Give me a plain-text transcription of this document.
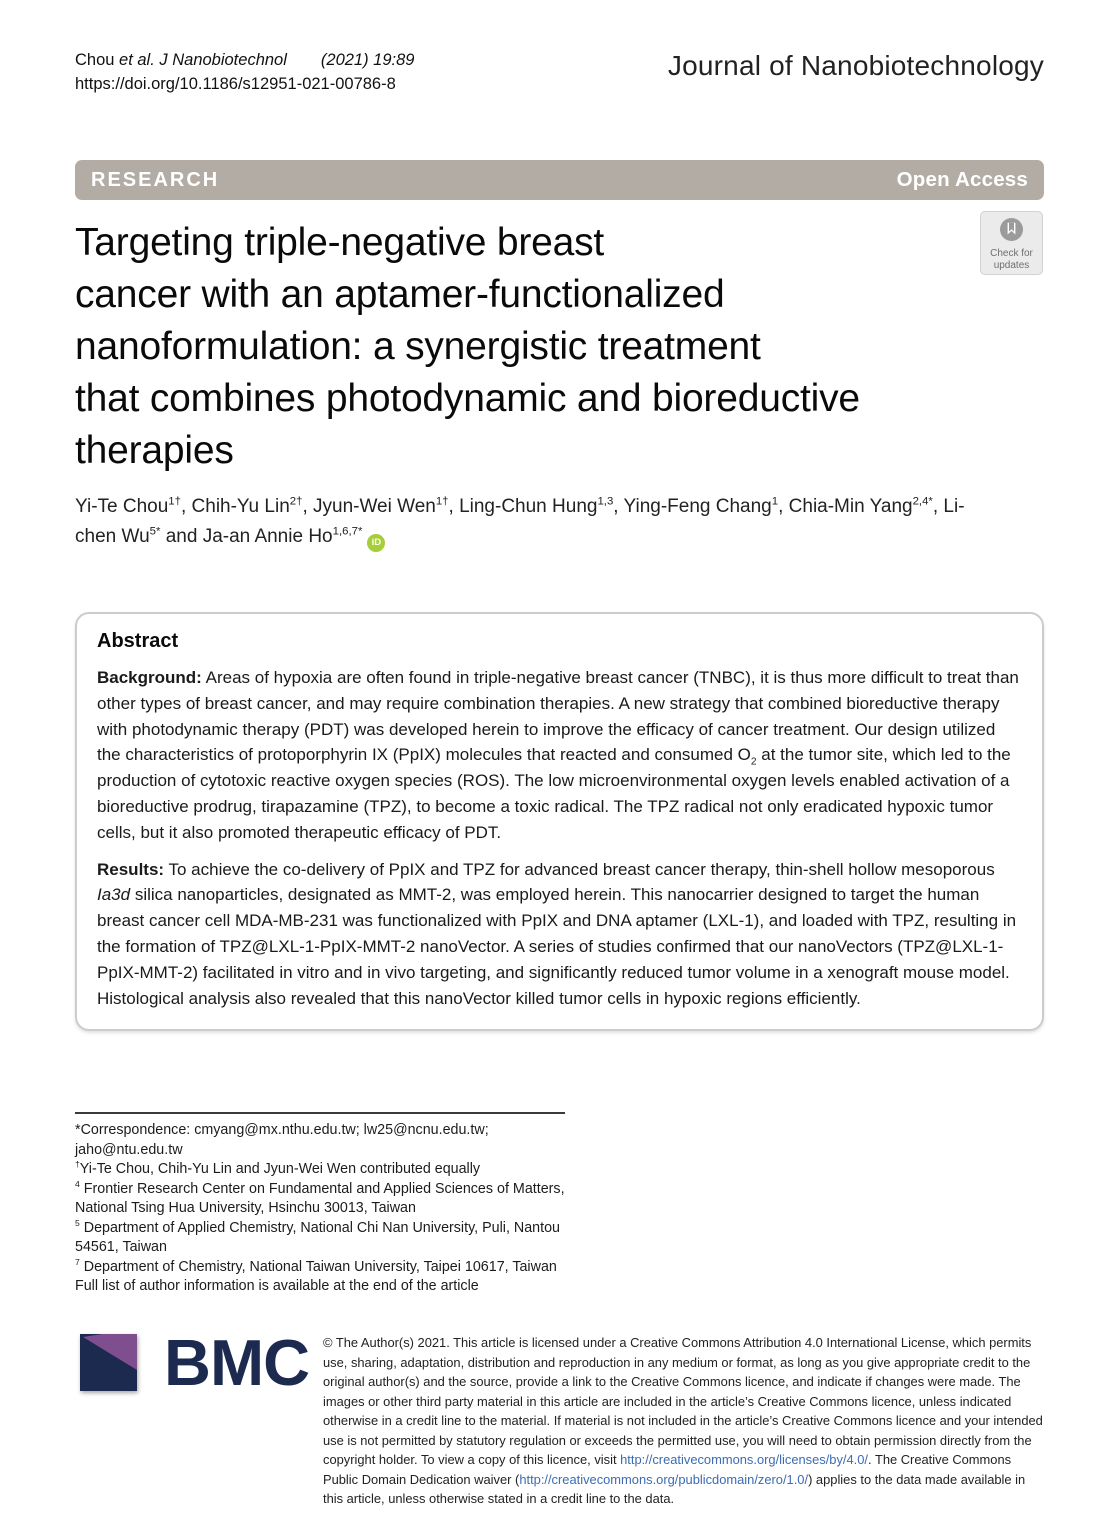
Chou et al. J Nanobiotechnol (2021) 19:89
https://doi.org/10.1186/s12951-021-00786-8
Journal of Nanobiotechnology
RESEARCH	Open Access
Check for
updates
Targeting triple-negative breast
cancer with an aptamer-functionalized
nanoformulation: a synergistic treatment
that combines photodynamic and bioreductive
therapies
Yi-Te Chou$^{1\dagger}$, Chih-Yu Lin$^{2\dagger}$, Jyun-Wei Wen$^{1\dagger}$, Ling-Chun Hung$^{1,3}$, Ying-Feng Chang$^1$, Chia-Min Yang$^{2,4*}$, Li-chen $Wu^{5*}$ and Ja-an Annie $Ho^{1,6,7*}iD$
Abstract

Background: Areas of hypoxia are often found in triple-negative breast cancer (TNBC), it is thus more difficult to treat than other types of breast cancer, and may require combination therapies. A new strategy that combined bioreductive therapy with photodynamic therapy (PDT) was developed herein to improve the efficacy of cancer treatment. Our design utilized the characteristics of protoporphyrin IX (PpIX) molecules that reacted and consumed $O_2$ at the tumor site, which led to the production of cytotoxic reactive oxygen species (ROS). The low microenvironmental oxygen levels enabled activation of a bioreductive prodrug, tirapazamine (TPZ), to become a toxic radical. The TPZ radical not only eradicated hypoxic tumor cells, but it also promoted therapeutic efficacy of PDT.

Results: To achieve the co-delivery of PpIX and TPZ for advanced breast cancer therapy, thin-shell hollow mesoporous Ia3d silica nanoparticles, designated as MMT-2, was employed herein. This nanocarrier designed to target the human breast cancer cell MDA-MB-231 was functionalized with PpIX and DNA aptamer (LXL-1), and loaded with TPZ, resulting in the formation of TPZ@LXL-1-PpIX-MMT-2 nanoVector. A series of studies confirmed that our nanoVectors (TPZ@LXL-1-PpIX-MMT-2) facilitated in vitro and in vivo targeting, and significantly reduced tumor volume in a xenograft mouse model. Histological analysis also revealed that this nanoVector killed tumor cells in hypoxic regions efficiently.

*Correspondence: cmyang@mx.nthu.edu.tw; lw25@ncnu.edu.tw; jaho@ntu.edu.tw
†Yi-Te Chou, Chih-Yu Lin and Jyun-Wei Wen contributed equally
$^4$ Frontier Research Center on Fundamental and Applied Sciences of Matters, National Tsing Hua University, Hsinchu 30013, Taiwan
$^5$ Department of Applied Chemistry, National Chi Nan University, Puli, Nantou 54561, Taiwan
$^7$ Department of Chemistry, National Taiwan University, Taipei 10617, Taiwan
Full list of author information is available at the end of the article
BMC © The Author(s) 2021. This article is licensed under a Creative Commons Attribution 4.0 International License, which permits use, sharing, adaptation, distribution and reproduction in any medium or format, as long as you give appropriate credit to the original author(s) and the source, provide a link to the Creative Commons licence, and indicate if changes were made. The images or other third party material in this article are included in the article’s Creative Commons licence, unless indicated otherwise in a credit line to the material. If material is not included in the article’s Creative Commons licence and your intended use is not permitted by statutory regulation or exceeds the permitted use, you will need to obtain permission directly from the copyright holder. To view a copy of this licence, visit http://creativecommons.org/licenses/by/4.0/. The Creative Commons Public Domain Dedication waiver (http://creativecommons.org/publicdomain/zero/1.0/) applies to the data made available in this article, unless otherwise stated in a credit line to the data.
